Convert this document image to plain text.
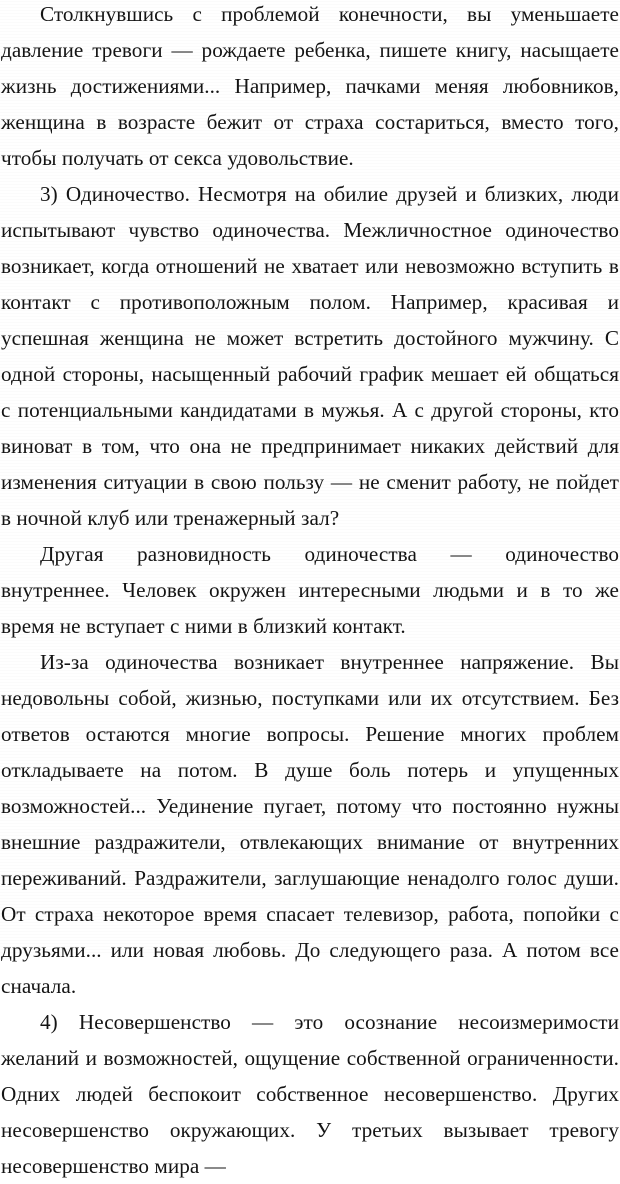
Столкнувшись с проблемой конечности, вы уменьшаете давление тревоги — рождаете ребенка, пишете книгу, насыщаете жизнь достижениями... Например, пачками меняя любовников, женщина в возрасте бежит от страха состариться, вместо того, чтобы получать от секса удовольствие.

3) Одиночество. Несмотря на обилие друзей и близких, люди испытывают чувство одиночества. Межличностное одиночество возникает, когда отношений не хватает или невозможно вступить в контакт с противоположным полом. Например, красивая и успешная женщина не может встретить достойного мужчину. С одной стороны, насыщенный рабочий график мешает ей общаться с потенциальными кандидатами в мужья. А с другой стороны, кто виноват в том, что она не предпринимает никаких действий для изменения ситуации в свою пользу — не сменит работу, не пойдет в ночной клуб или тренажерный зал?

Другая разновидность одиночества — одиночество внутреннее. Человек окружен интересными людьми и в то же время не вступает с ними в близкий контакт.

Из-за одиночества возникает внутреннее напряжение. Вы недовольны собой, жизнью, поступками или их отсутствием. Без ответов остаются многие вопросы. Решение многих проблем откладываете на потом. В душе боль потерь и упущенных возможностей... Уединение пугает, потому что постоянно нужны внешние раздражители, отвлекающих внимание от внутренних переживаний. Раздражители, заглушающие ненадолго голос души. От страха некоторое время спасает телевизор, работа, попойки с друзьями... или новая любовь. До следующего раза. А потом все сначала.

4) Несовершенство — это осознание несоизмеримости желаний и возможностей, ощущение собственной ограниченности. Одних людей беспокоит собственное несовершенство. Других несовершенство окружающих. У третьих вызывает тревогу несовершенство мира —
